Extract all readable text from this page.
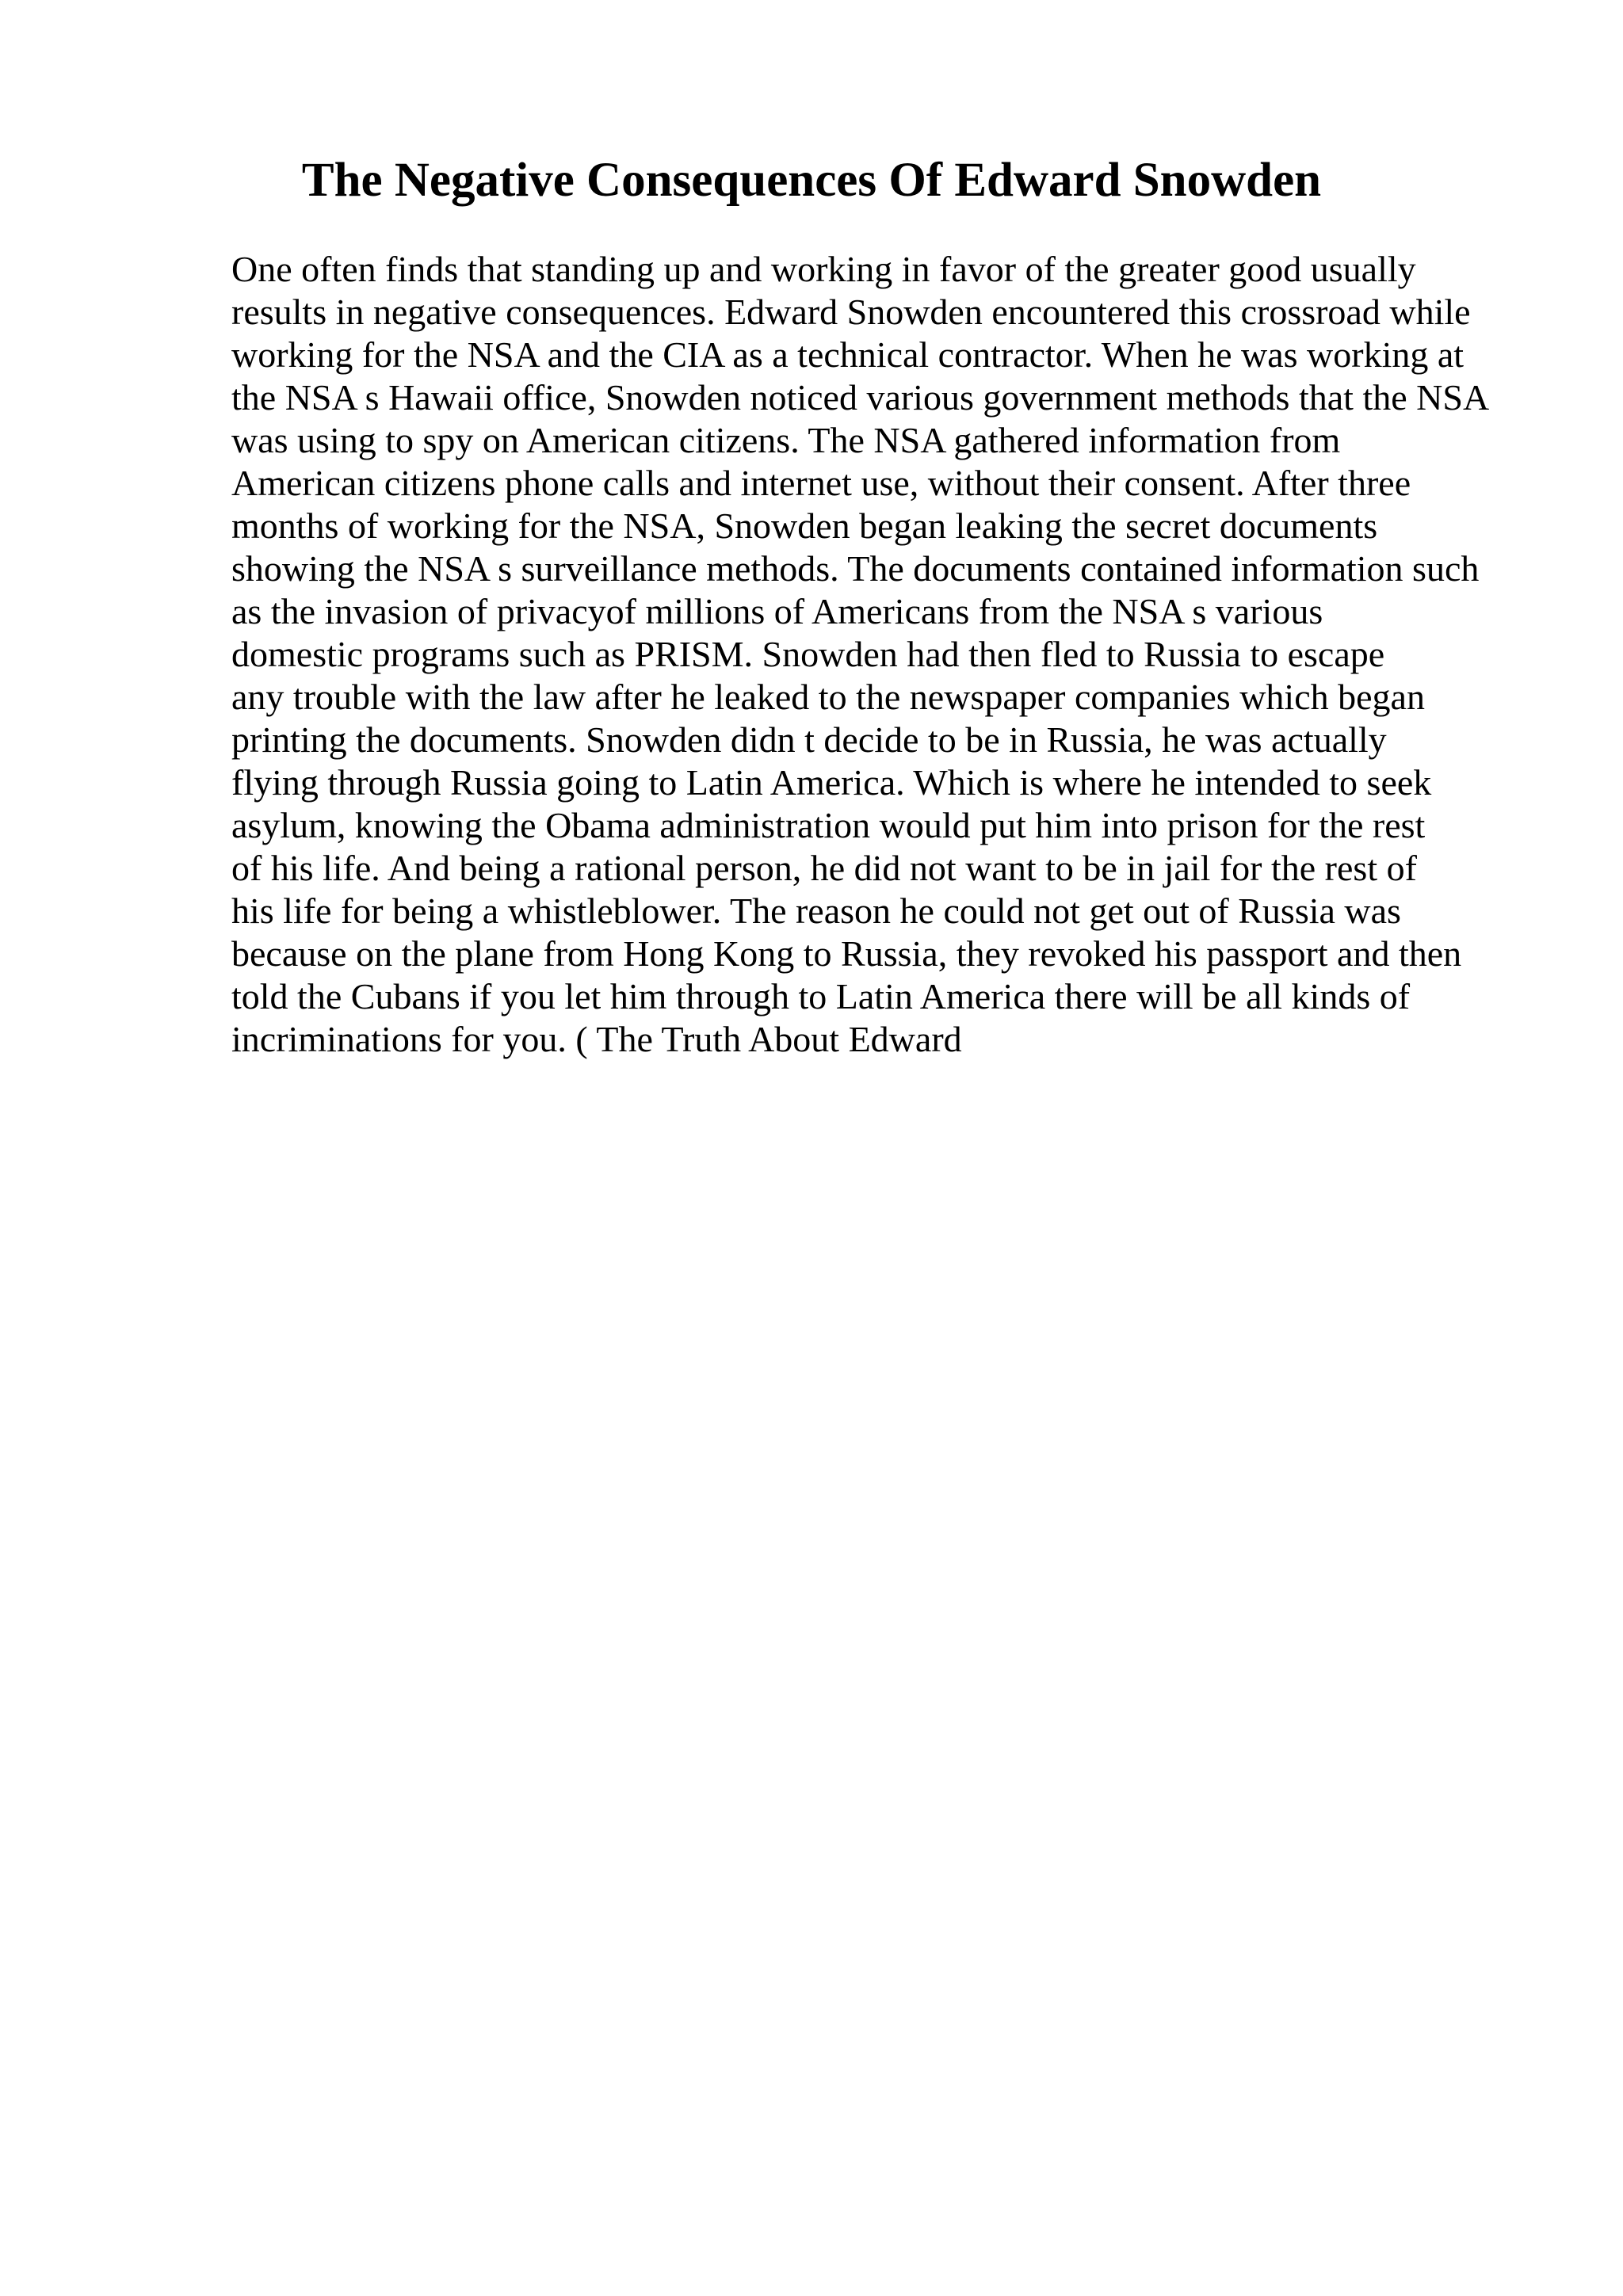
The Negative Consequences Of Edward Snowden
One often finds that standing up and working in favor of the greater good usually
results in negative consequences. Edward Snowden encountered this crossroad while
working for the NSA and the CIA as a technical contractor. When he was working at
the NSA s Hawaii office, Snowden noticed various government methods that the NSA
was using to spy on American citizens. The NSA gathered information from
American citizens phone calls and internet use, without their consent. After three
months of working for the NSA, Snowden began leaking the secret documents
showing the NSA s surveillance methods. The documents contained information such
as the invasion of privacyof millions of Americans from the NSA s various
domestic programs such as PRISM. Snowden had then fled to Russia to escape
any trouble with the law after he leaked to the newspaper companies which began
printing the documents. Snowden didn t decide to be in Russia, he was actually
flying through Russia going to Latin America. Which is where he intended to seek
asylum, knowing the Obama administration would put him into prison for the rest
of his life. And being a rational person, he did not want to be in jail for the rest of
his life for being a whistleblower. The reason he could not get out of Russia was
because on the plane from Hong Kong to Russia, they revoked his passport and then
told the Cubans if you let him through to Latin America there will be all kinds of
incriminations for you. ( The Truth About Edward
